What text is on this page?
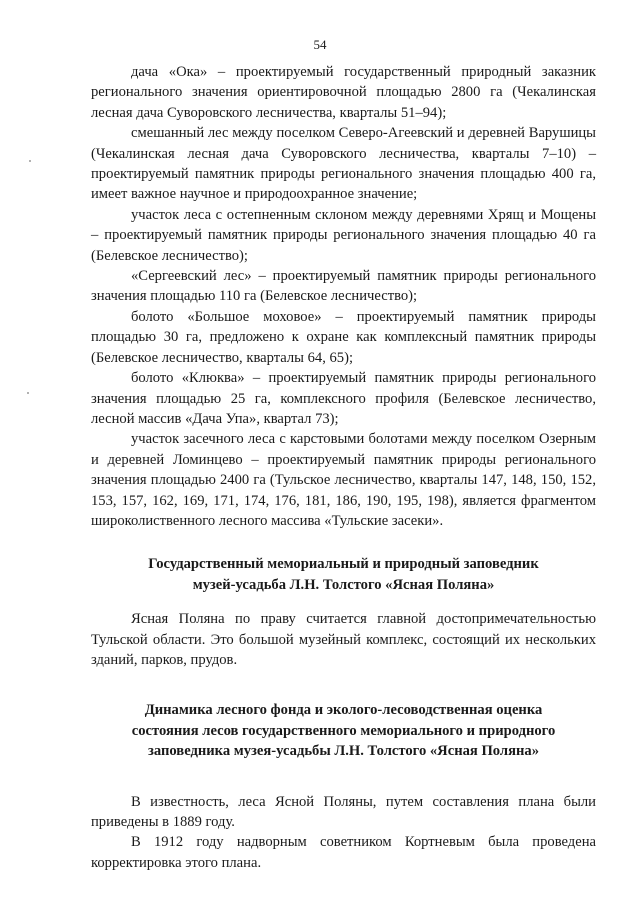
54

дача «Ока» – проектируемый государственный природный заказник регионального значения ориентировочной площадью 2800 га (Чекалинская лесная дача Суворовского лесничества, кварталы 51–94);

смешанный лес между поселком Северо-Агеевский и деревней Варушицы (Чекалинская лесная дача Суворовского лесничества, кварталы 7–10) – проектируемый памятник природы регионального значения площадью 400 га, имеет важное научное и природоохранное значение;

участок леса с остепненным склоном между деревнями Хрящ и Мощены – проектируемый памятник природы регионального значения площадью 40 га (Белевское лесничество);

«Сергеевский лес» – проектируемый памятник природы регионального значения площадью 110 га (Белевское лесничество);

болото «Большое моховое» – проектируемый памятник природы площадью 30 га, предложено к охране как комплексный памятник природы (Белевское лесничество, кварталы 64, 65);

болото «Клюква» – проектируемый памятник природы регионального значения площадью 25 га, комплексного профиля (Белевское лесничество, лесной массив «Дача Упа», квартал 73);

участок засечного леса с карстовыми болотами между поселком Озерным и деревней Ломинцево – проектируемый памятник природы регионального значения площадью 2400 га (Тульское лесничество, кварталы 147, 148, 150, 152, 153, 157, 162, 169, 171, 174, 176, 181, 186, 190, 195, 198), является фрагментом широколиственного лесного массива «Тульские засеки».

Государственный мемориальный и природный заповедник
музей-усадьба Л.Н. Толстого «Ясная Поляна»

Ясная Поляна по праву считается главной достопримечательностью Тульской области. Это большой музейный комплекс, состоящий их нескольких зданий, парков, прудов.

Динамика лесного фонда и эколого-лесоводственная оценка
состояния лесов государственного мемориального и природного
заповедника музея-усадьбы Л.Н. Толстого «Ясная Поляна»

В известность, леса Ясной Поляны, путем составления плана были приведены в 1889 году.

В 1912 году надворным советником Кортневым была проведена корректировка этого плана.
